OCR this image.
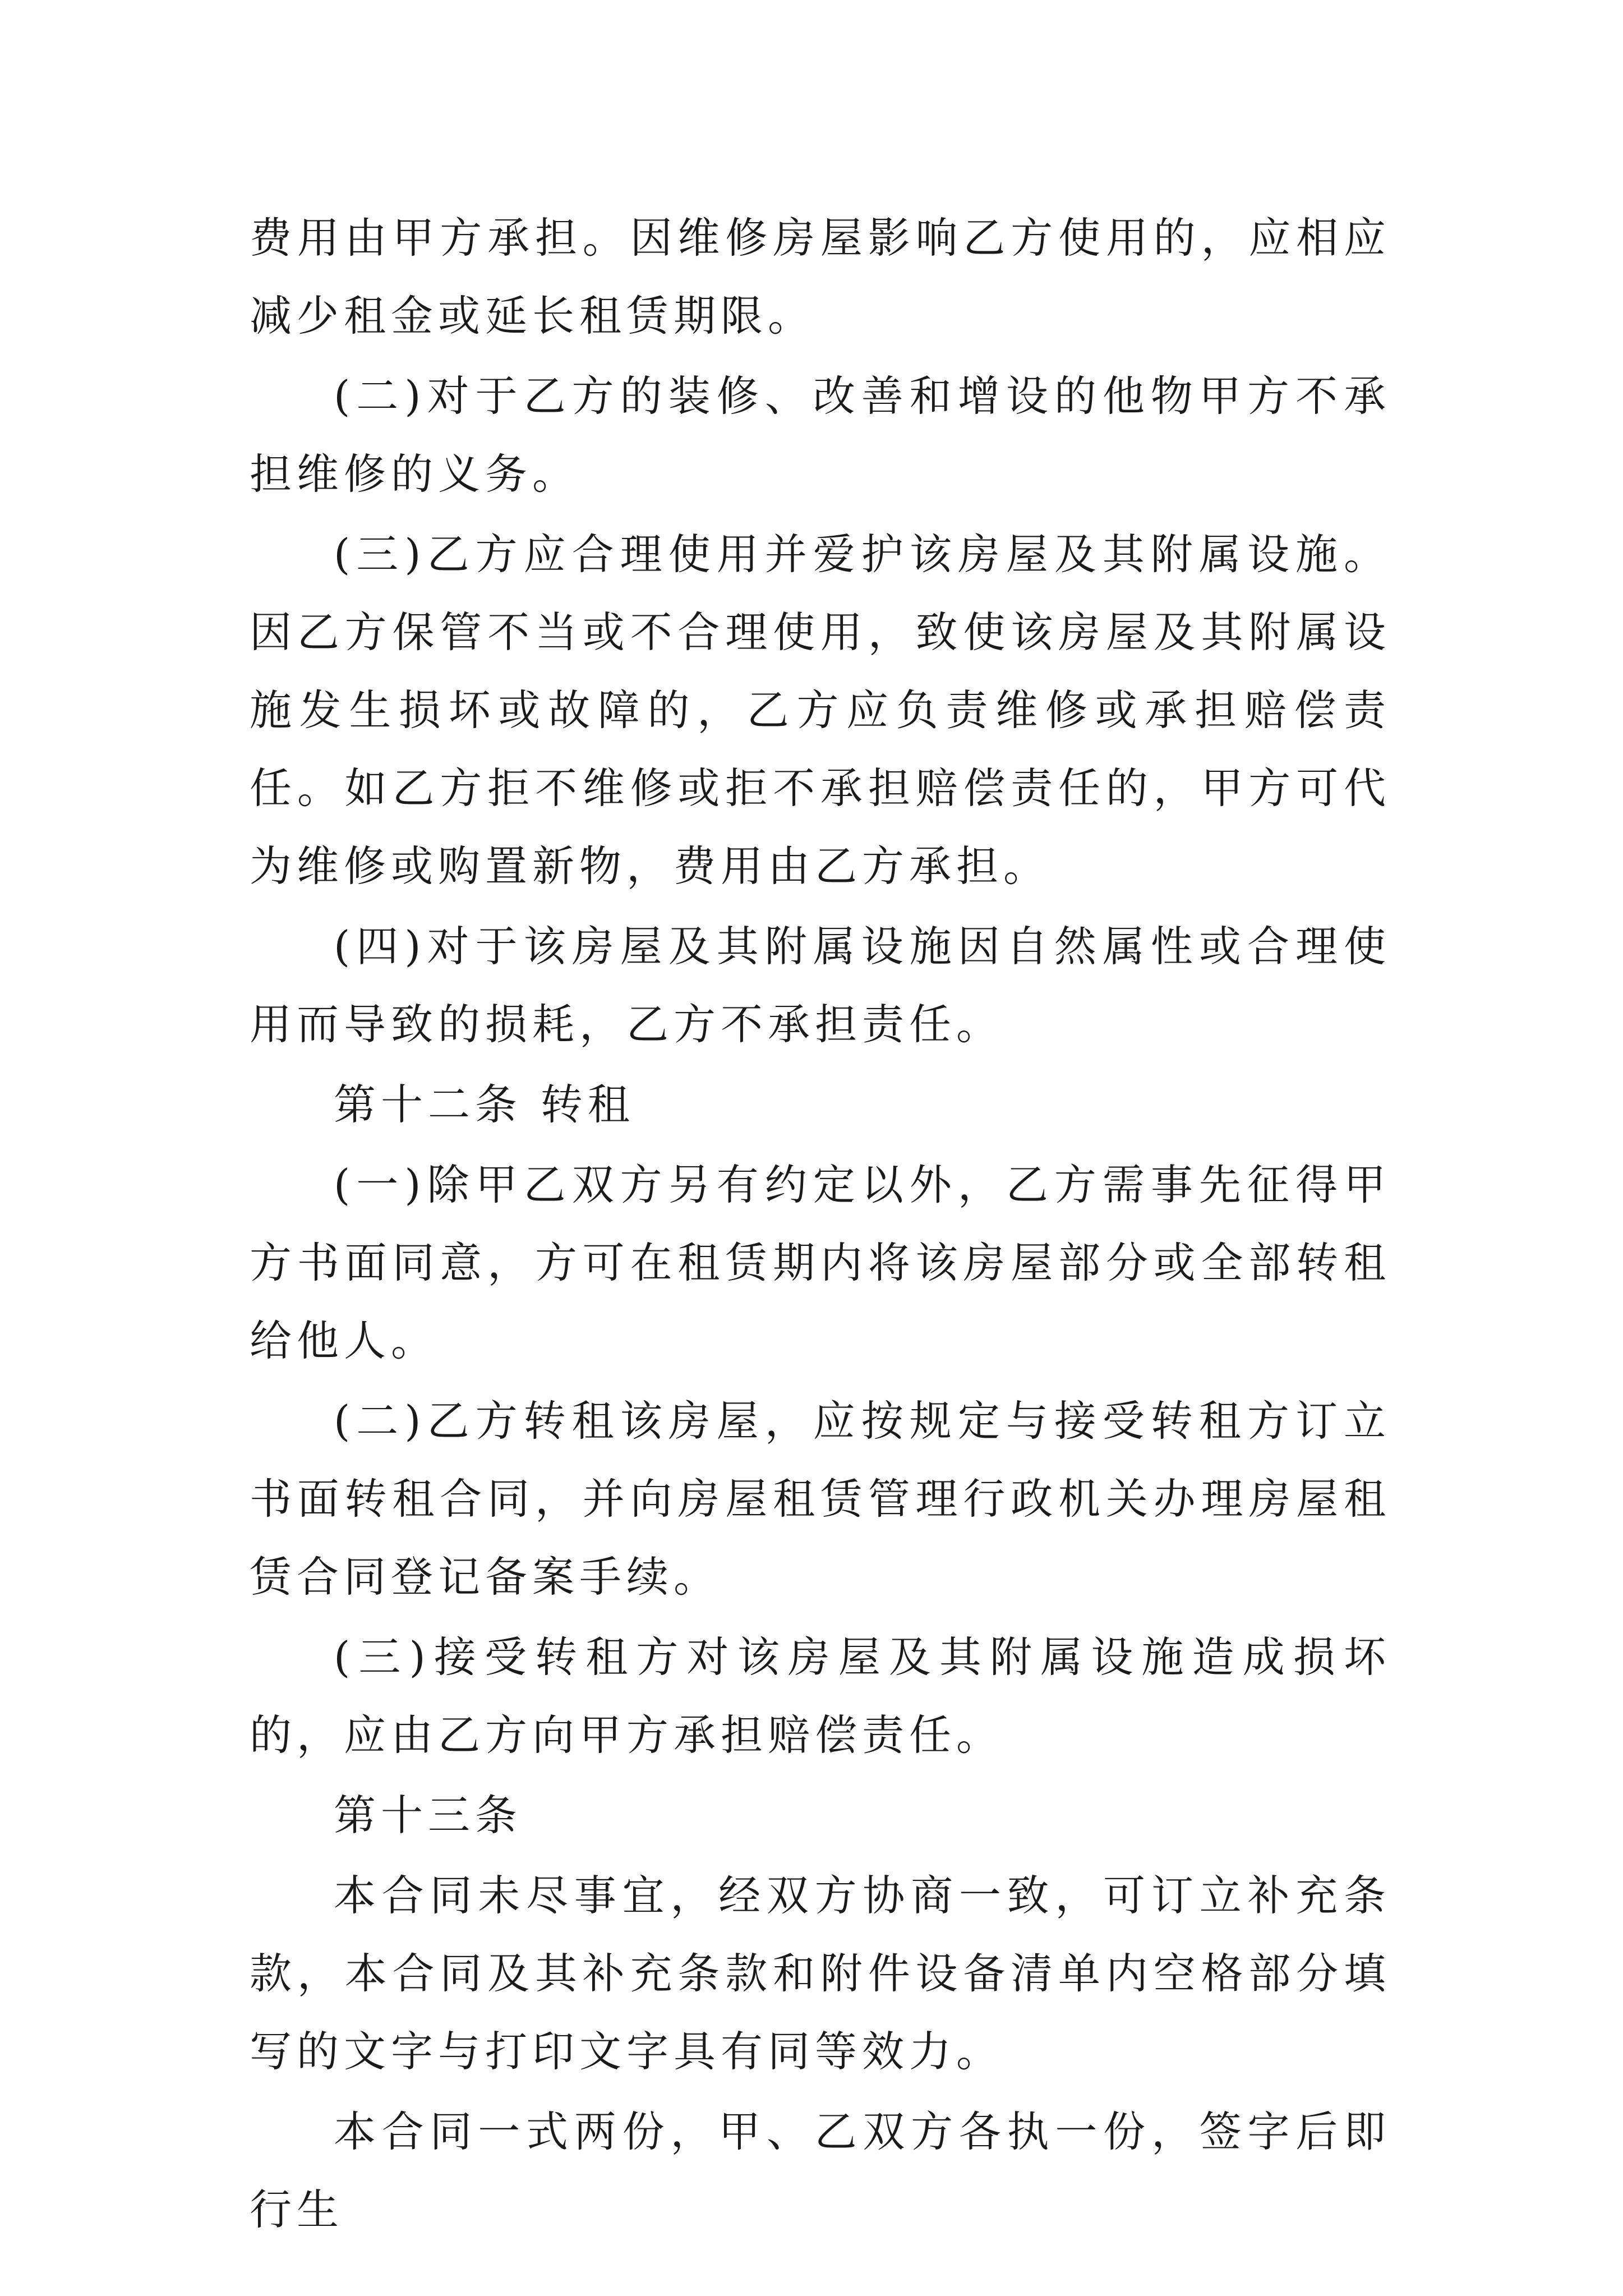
费用由甲方承担。因维修房屋影响乙方使用的，应相应减少租金或延长租赁期限。

(二)对于乙方的装修、改善和增设的他物甲方不承担维修的义务。

(三)乙方应合理使用并爱护该房屋及其附属设施。因乙方保管不当或不合理使用，致使该房屋及其附属设施发生损坏或故障的，乙方应负责维修或承担赔偿责任。如乙方拒不维修或拒不承担赔偿责任的，甲方可代为维修或购置新物，费用由乙方承担。

(四)对于该房屋及其附属设施因自然属性或合理使用而导致的损耗，乙方不承担责任。

第十二条 转租

(一)除甲乙双方另有约定以外，乙方需事先征得甲方书面同意，方可在租赁期内将该房屋部分或全部转租给他人。

(二)乙方转租该房屋，应按规定与接受转租方订立书面转租合同，并向房屋租赁管理行政机关办理房屋租赁合同登记备案手续。

(三)接受转租方对该房屋及其附属设施造成损坏的，应由乙方向甲方承担赔偿责任。

第十三条

本合同未尽事宜，经双方协商一致，可订立补充条款，本合同及其补充条款和附件设备清单内空格部分填写的文字与打印文字具有同等效力。

本合同一式两份，甲、乙双方各执一份，签字后即行生
